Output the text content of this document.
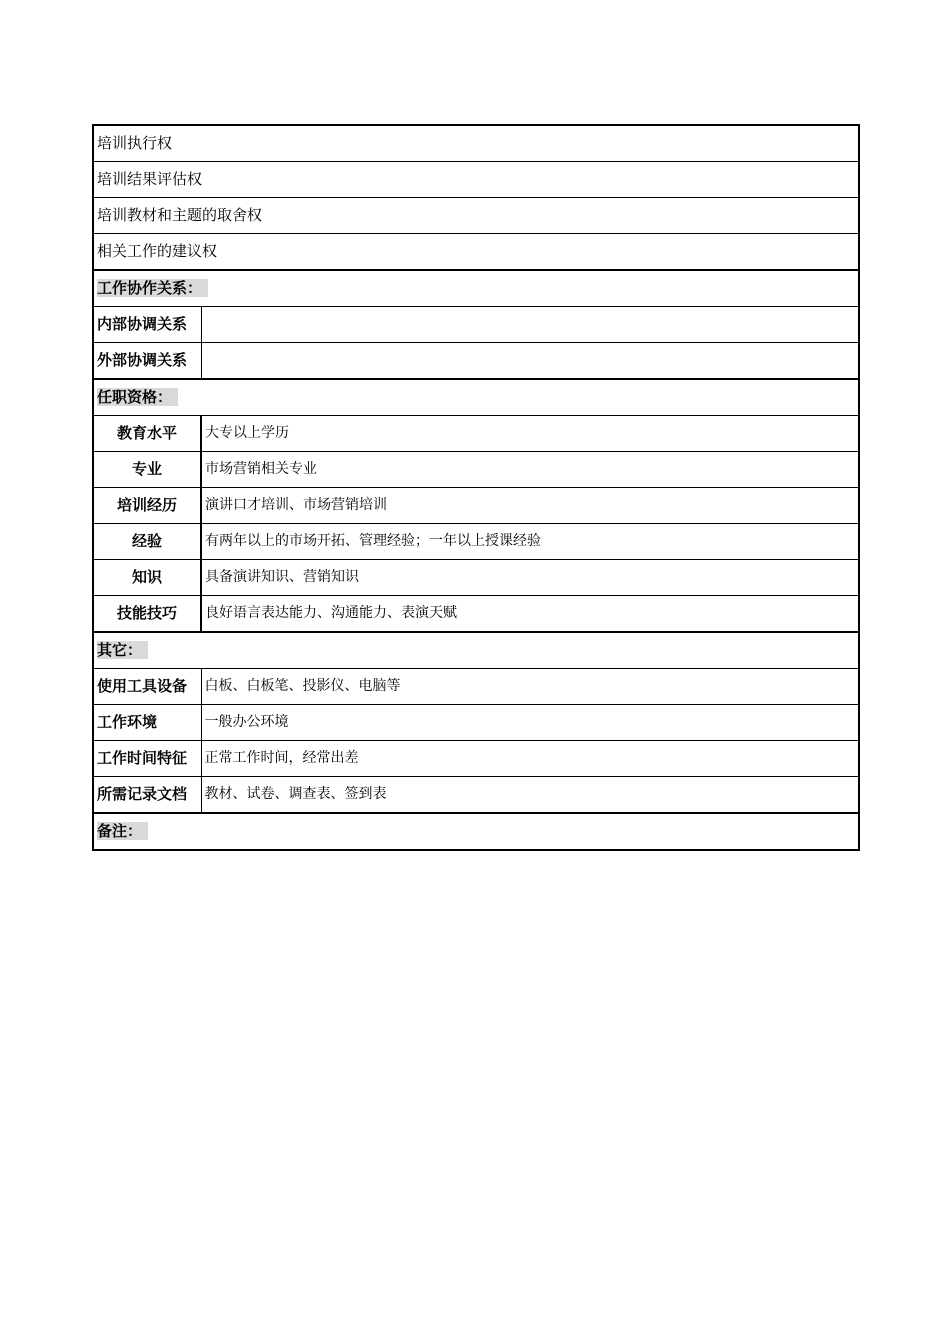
培训执行权	
培训结果评估权	
培训教材和主题的取舍权	
相关工作的建议权	
工作协作关系：	
内部协调关系	
外部协调关系	
任职资格：	
教育水平	大专以上学历
专业	市场营销相关专业
培训经历	演讲口才培训、市场营销培训
经验	有两年以上的市场开拓、管理经验；一年以上授课经验
知识	具备演讲知识、营销知识
技能技巧	良好语言表达能力、沟通能力、表演天赋
其它：	
使用工具设备	白板、白板笔、投影仪、电脑等
工作环境	一般办公环境
工作时间特征	正常工作时间，经常出差
所需记录文档	教材、试卷、调查表、签到表
备注：	
